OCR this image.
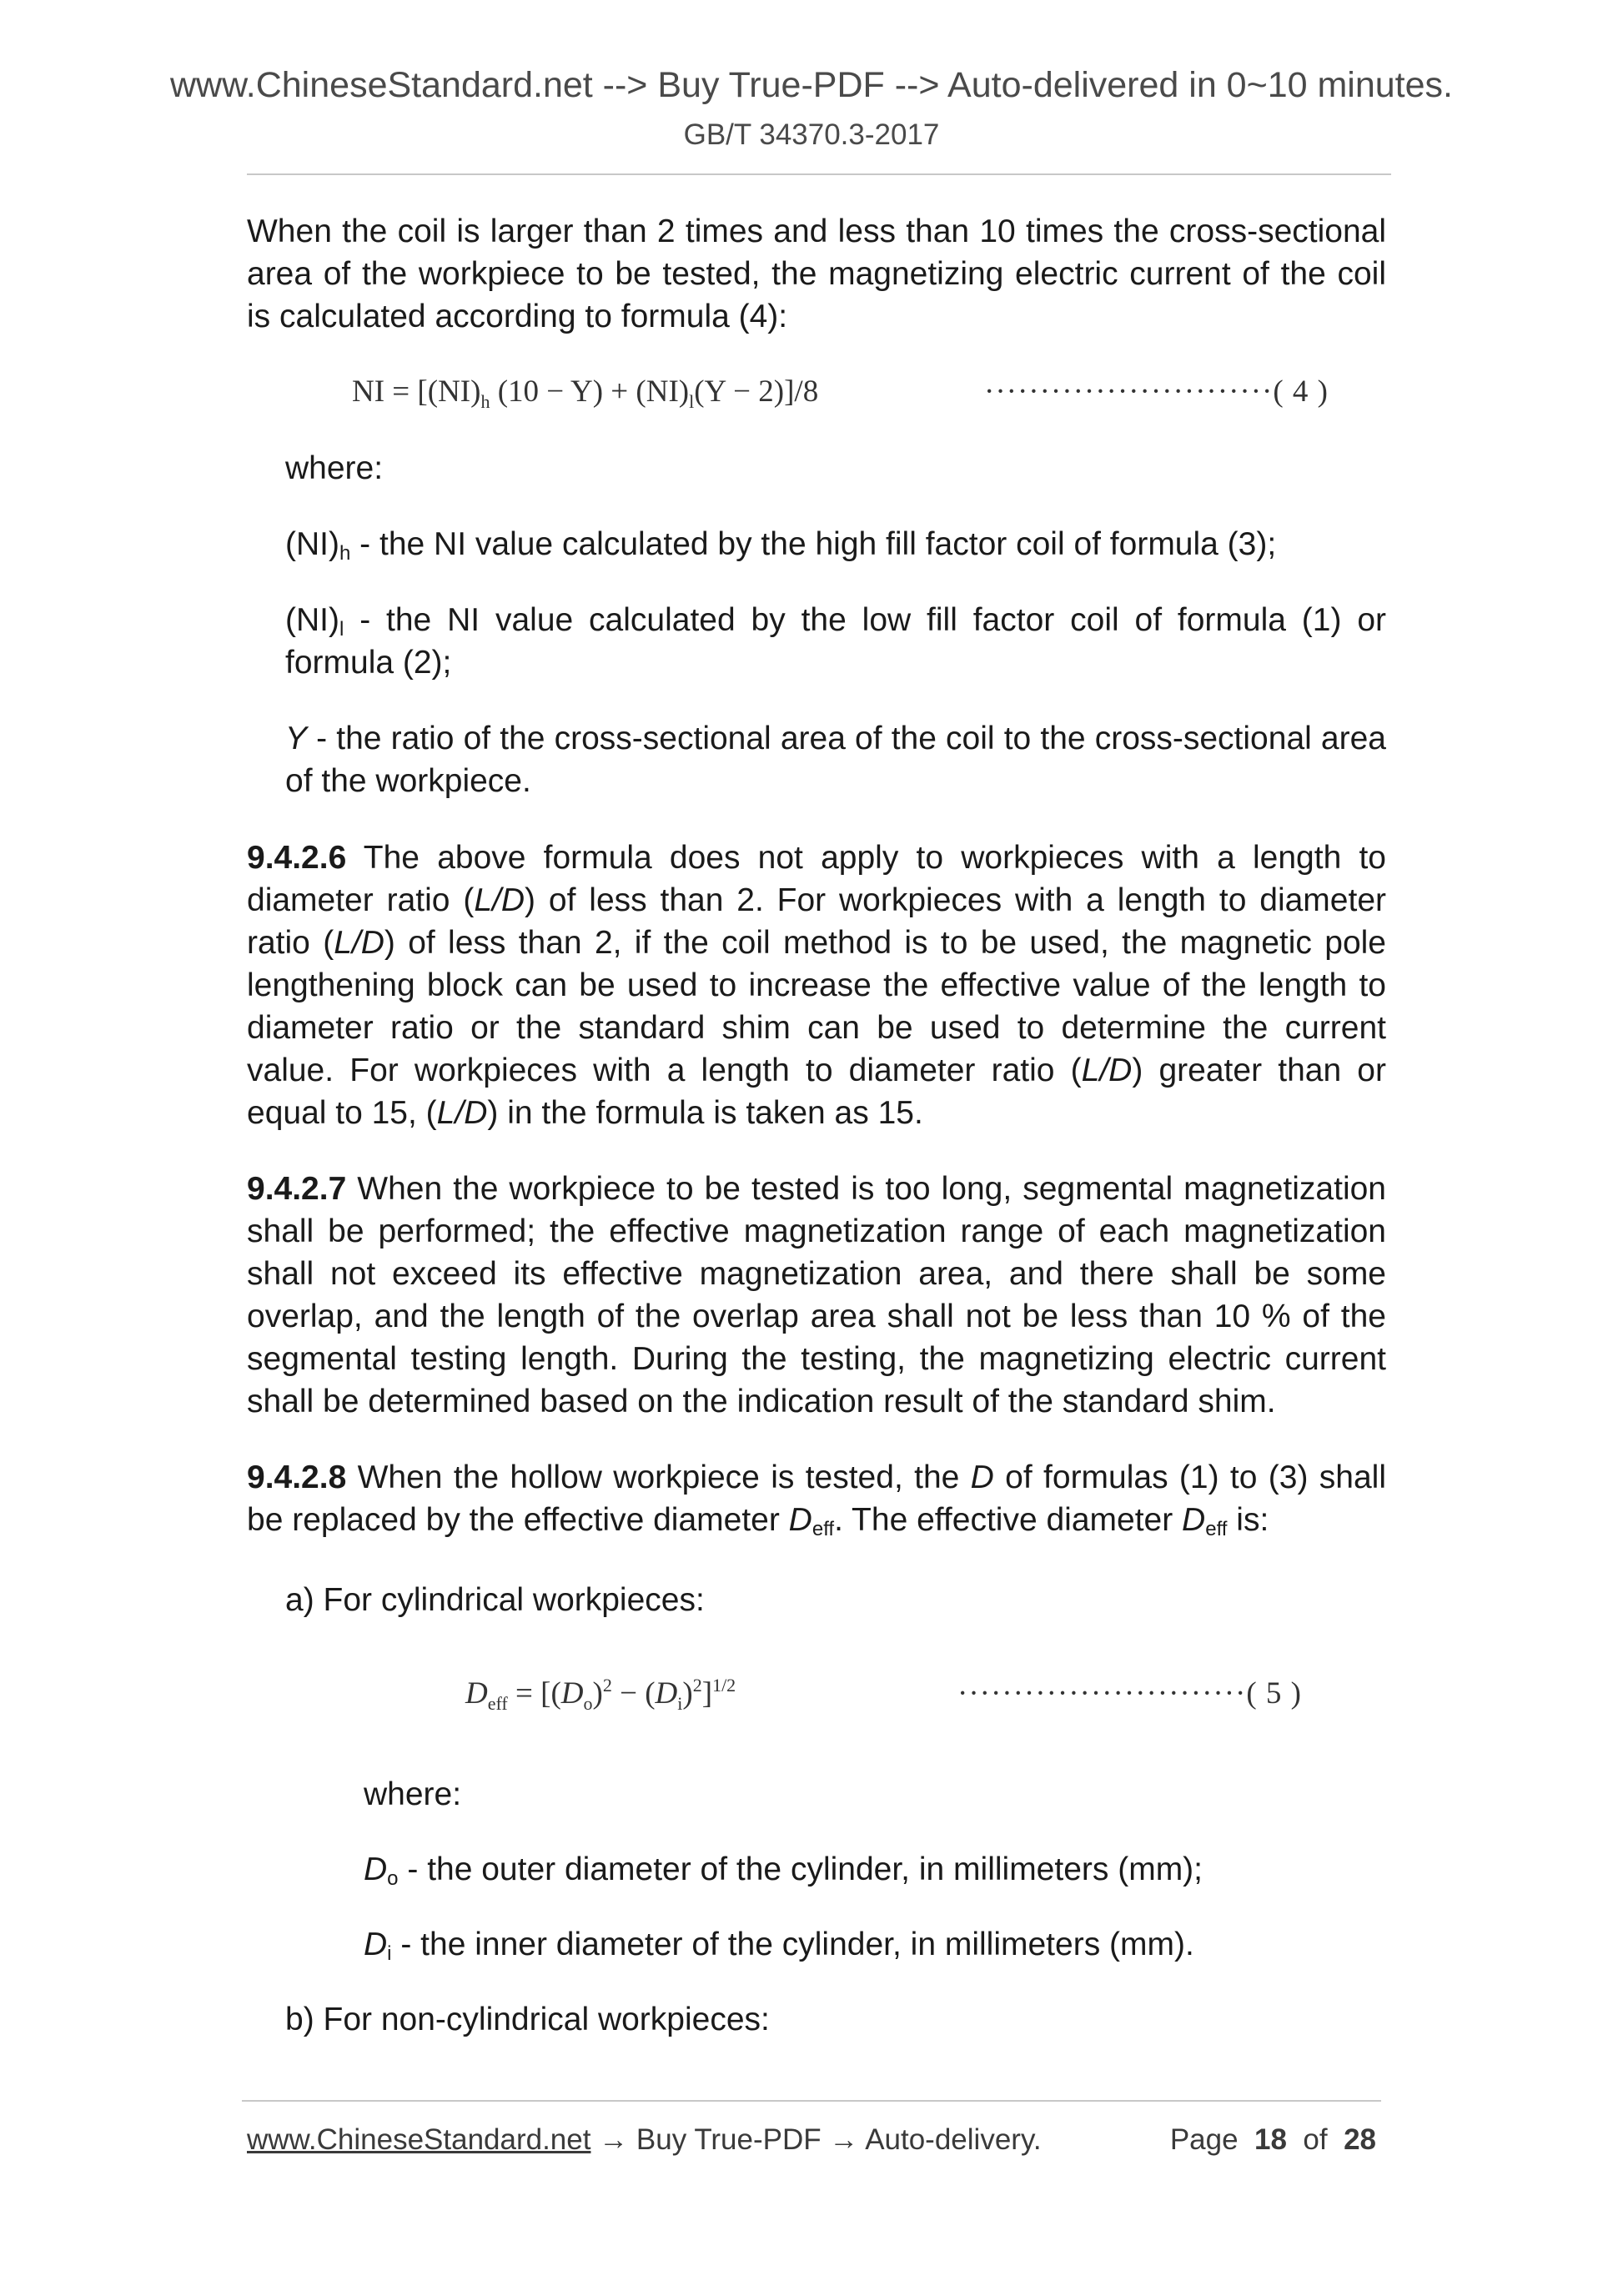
www.ChineseStandard.net --> Buy True-PDF --> Auto-delivered in 0~10 minutes.
GB/T 34370.3-2017
When the coil is larger than 2 times and less than 10 times the cross-sectional area of the workpiece to be tested, the magnetizing electric current of the coil is calculated according to formula (4):
NI = [$(NI)_h$ $(10 - Y) + (NI)_l(Y - 2)]/8$	··························( 4 )
where:
$(NI)_h$ - the NI value calculated by the high fill factor coil of formula (3);
$(NI)_l$ - the NI value calculated by the low fill factor coil of formula (1) or formula (2);
Y - the ratio of the cross-sectional area of the coil to the cross-sectional area of the workpiece.
9.4.2.6 The above formula does not apply to workpieces with a length to diameter ratio (L/D) of less than 2. For workpieces with a length to diameter ratio (L/D) of less than 2, if the coil method is to be used, the magnetic pole lengthening block can be used to increase the effective value of the length to diameter ratio or the standard shim can be used to determine the current value. For workpieces with a length to diameter ratio (L/D) greater than or equal to 15, (L/D) in the formula is taken as 15.
9.4.2.7 When the workpiece to be tested is too long, segmental magnetization shall be performed; the effective magnetization range of each magnetization shall not exceed its effective magnetization area, and there shall be some overlap, and the length of the overlap area shall not be less than 10 % of the segmental testing length. During the testing, the magnetizing electric current shall be determined based on the indication result of the standard shim.
9.4.2.8 When the hollow workpiece is tested, the D of formulas (1) to (3) shall be replaced by the effective diameter $D_{eff}$. The effective diameter $D_{eff}$ is:
a) For cylindrical workpieces:
$D_{eff} = [(D_o)^2 - (D_i)^2]^{1/2}$	··························( 5 )
where:
$D_o$ - the outer diameter of the cylinder, in millimeters (mm);
$D_i$ - the inner diameter of the cylinder, in millimeters (mm).
b) For non-cylindrical workpieces:
www.ChineseStandard.net → Buy True-PDF → Auto-delivery.	Page 18 of 28
